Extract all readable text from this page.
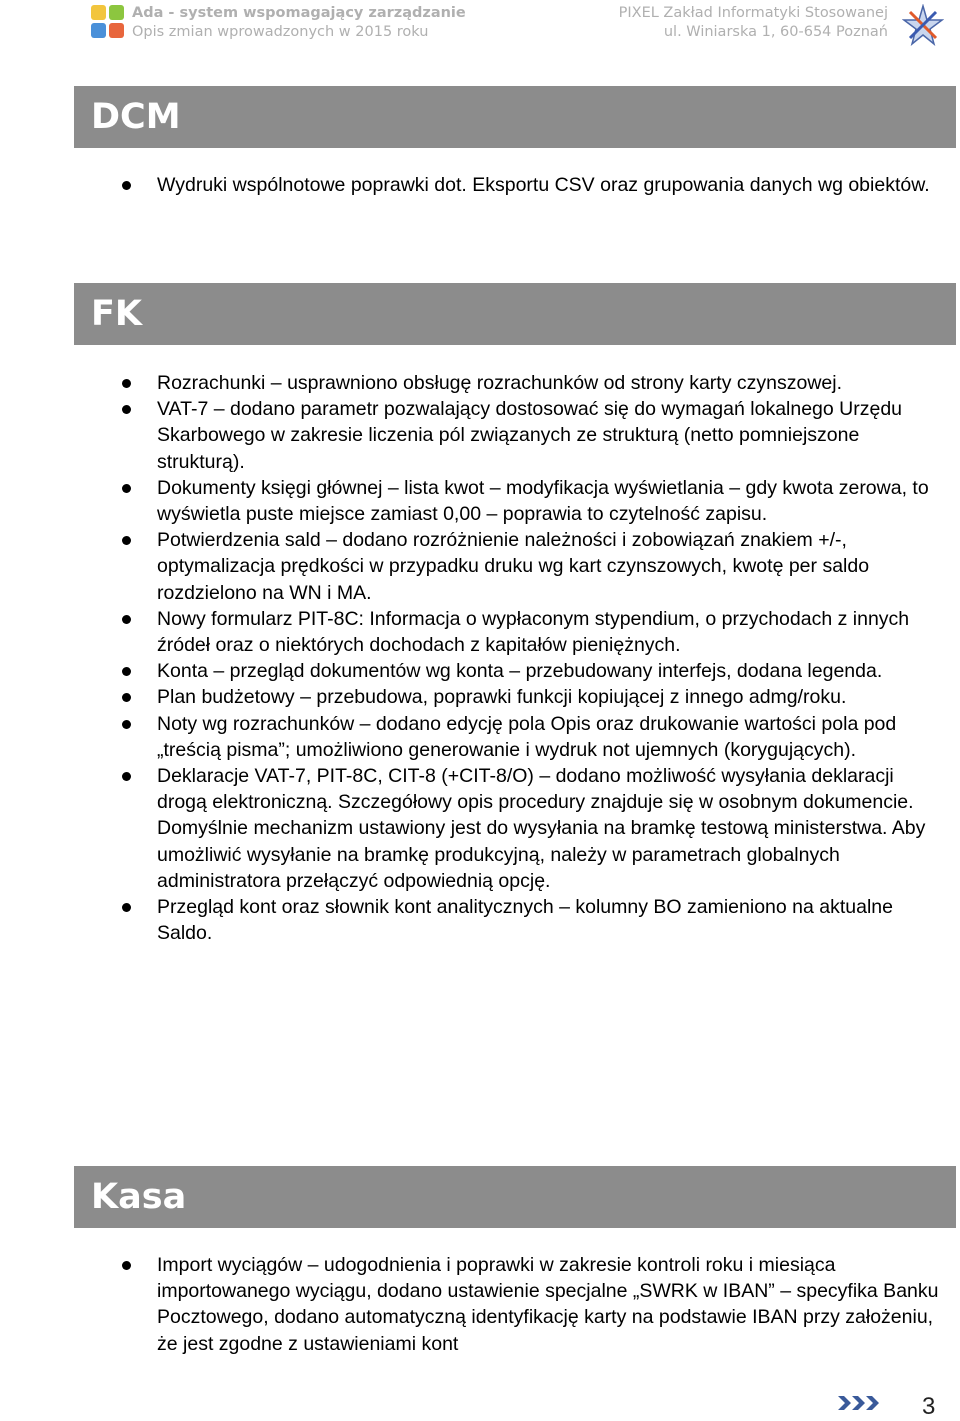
Ada - system wspomagający zarządzanie
Opis zmian wprowadzonych w 2015 roku
PIXEL Zakład Informatyki Stosowanej
ul. Winiarska 1, 60-654 Poznań
DCM
Wydruki wspólnotowe poprawki dot. Eksportu CSV oraz grupowania danych wg obiektów.
FK
Rozrachunki – usprawniono obsługę rozrachunków od strony karty czynszowej.
VAT-7 – dodano parametr pozwalający dostosować się do wymagań lokalnego Urzędu Skarbowego w zakresie liczenia pól związanych ze strukturą (netto pomniejszone strukturą).
Dokumenty księgi głównej – lista kwot – modyfikacja wyświetlania – gdy kwota zerowa, to wyświetla puste miejsce zamiast 0,00 – poprawia to czytelność zapisu.
Potwierdzenia sald – dodano rozróżnienie należności i zobowiązań znakiem +/-, optymalizacja prędkości w przypadku druku wg kart czynszowych, kwotę per saldo rozdzielono na WN i MA.
Nowy formularz PIT-8C: Informacja o wypłaconym stypendium, o przychodach z innych źródeł oraz o niektórych dochodach z kapitałów pieniężnych.
Konta – przegląd dokumentów wg konta – przebudowany interfejs, dodana legenda.
Plan budżetowy – przebudowa, poprawki funkcji kopiującej z innego admg/roku.
Noty wg rozrachunków – dodano edycję pola Opis oraz drukowanie wartości pola pod „treścią pisma”; umożliwiono generowanie i wydruk not ujemnych (korygujących).
Deklaracje VAT-7, PIT-8C, CIT-8 (+CIT-8/O) – dodano możliwość wysyłania deklaracji drogą elektroniczną. Szczegółowy opis procedury znajduje się w osobnym dokumencie. Domyślnie mechanizm ustawiony jest do wysyłania na bramkę testową ministerstwa. Aby umożliwić wysyłanie na bramkę produkcyjną, należy w parametrach globalnych administratora przełączyć odpowiednią opcję.
Przegląd kont oraz słownik kont analitycznych – kolumny BO zamieniono na aktualne Saldo.
Kasa
Import wyciągów – udogodnienia i poprawki w zakresie kontroli roku i miesiąca importowanego wyciągu, dodano ustawienie specjalne „SWRK w IBAN” – specyfika Banku Pocztowego, dodano automatyczną identyfikację karty na podstawie IBAN przy założeniu, że jest zgodne z ustawieniami kont
3
